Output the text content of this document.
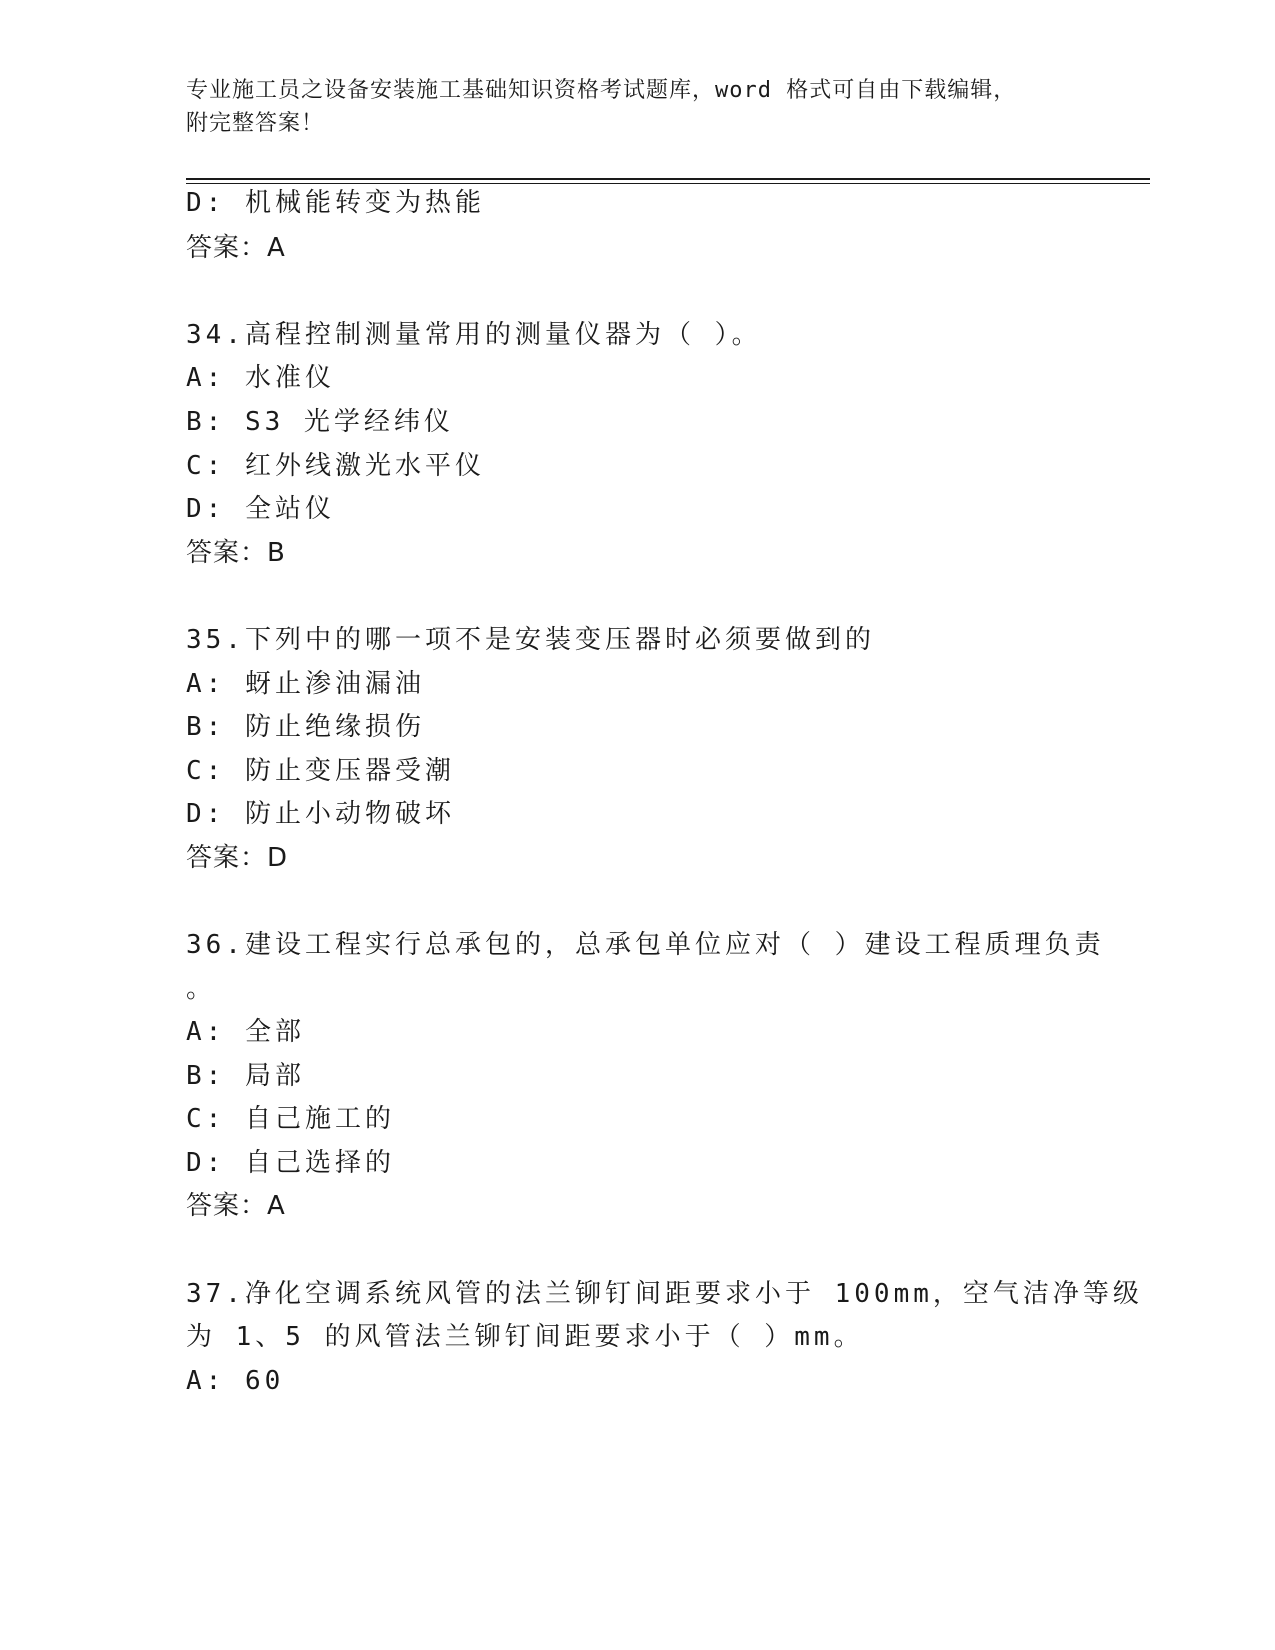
专业施工员之设备安装施工基础知识资格考试题库，word 格式可自由下载编辑，
附完整答案！
D: 机械能转变为热能
答案：A
34.高程控制测量常用的测量仪器为（ ）。
A: 水准仪
B: S3 光学经纬仪
C: 红外线激光水平仪
D: 全站仪
答案：B
35.下列中的哪一项不是安装变压器时必须要做到的
A: 蚜止渗油漏油
B: 防止绝缘损伤
C: 防止变压器受潮
D: 防止小动物破坏
答案：D
36.建设工程实行总承包的，总承包单位应对（ ）建设工程质理负责
。
A: 全部
B: 局部
C: 自己施工的
D: 自己选择的
答案：A
37.净化空调系统风管的法兰铆钉间距要求小于 100mm，空气洁净等级
为 1、5 的风管法兰铆钉间距要求小于（ ）mm。
A: 60
